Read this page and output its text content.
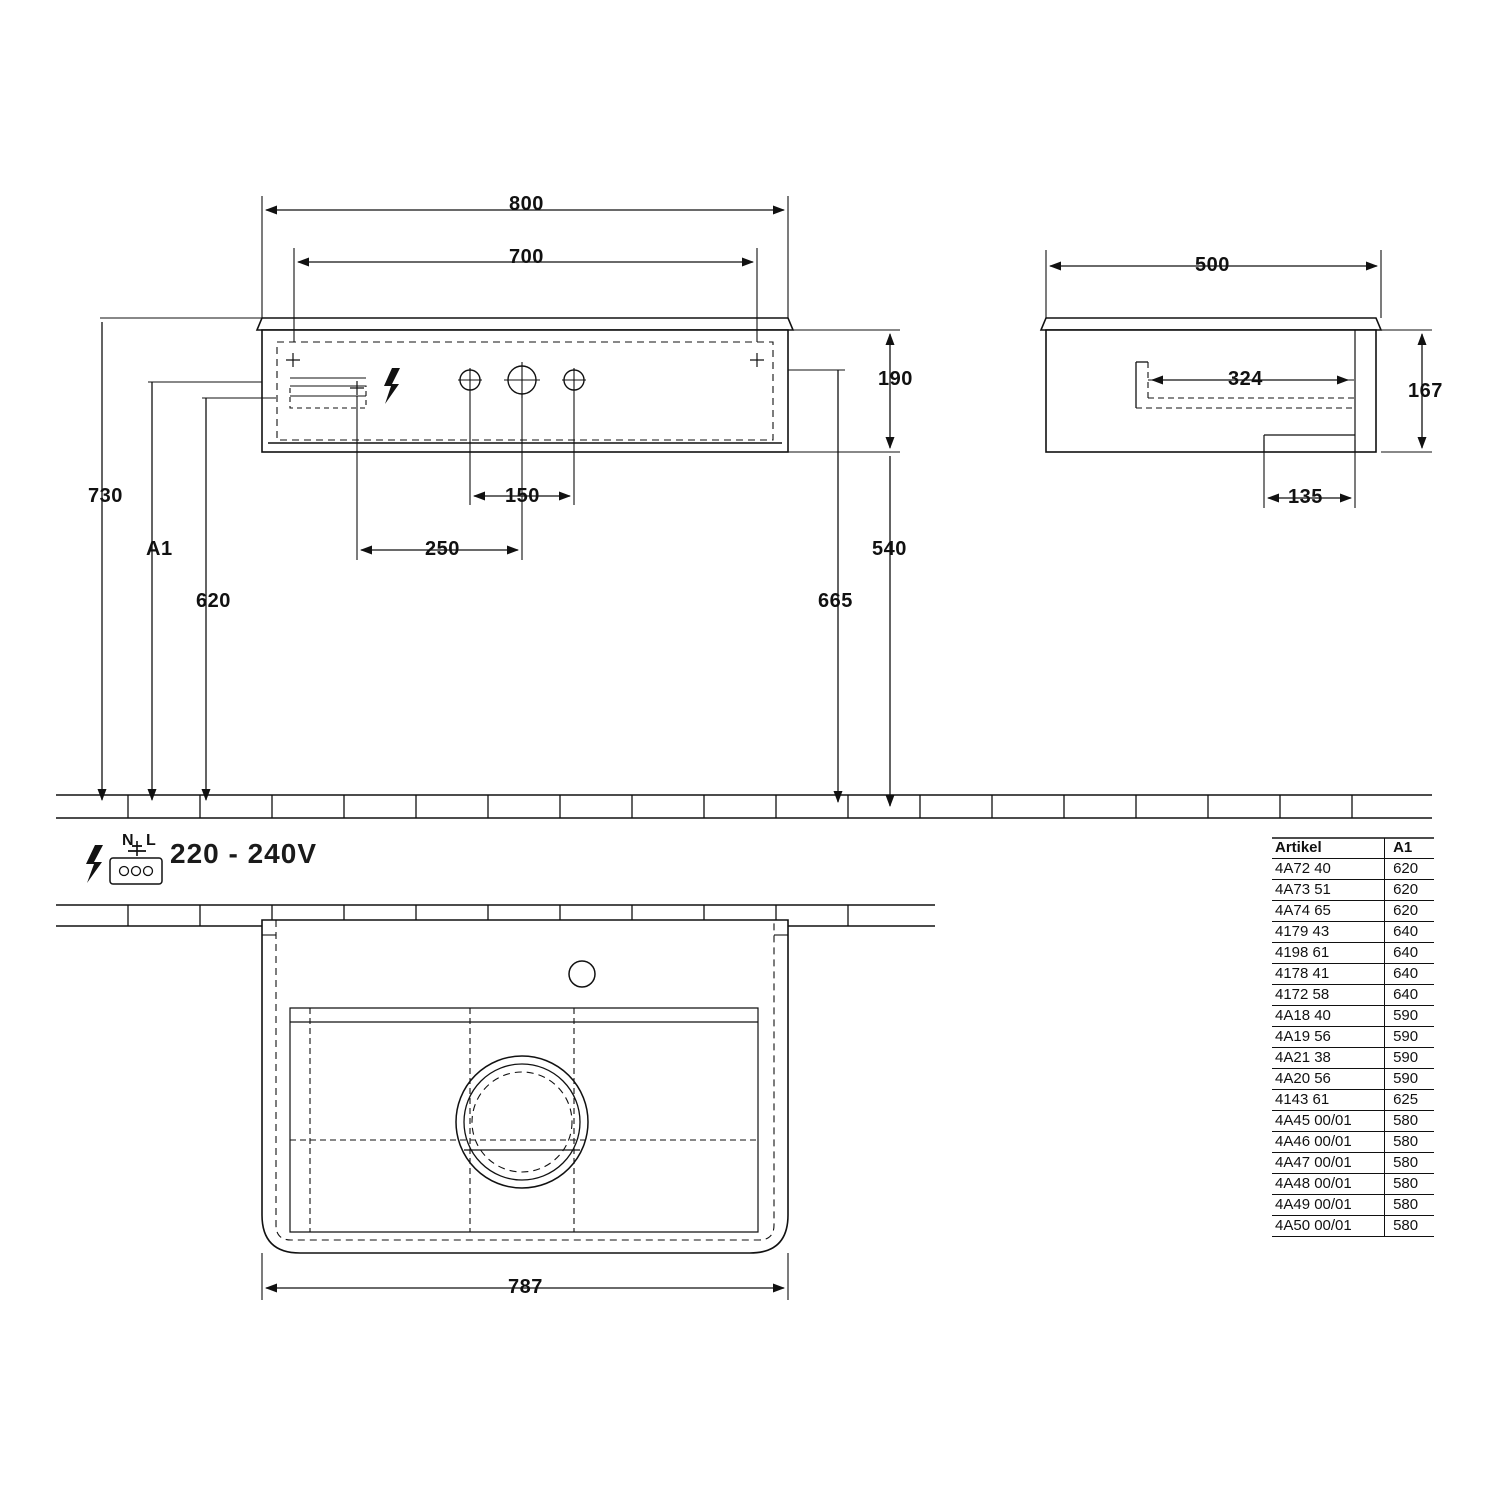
800
700
190
730
A1
620
540
665
150
250
500
324
167
135
787
N L 220 - 240V	Artikel	A1
4A72 40	620
4A73 51	620
4A74 65	620
4179 43	640
4198 61	640
4178 41	640
4172 58	640
4A18 40	590
4A19 56	590
4A21 38	590
4A20 56	590
4143 61	625
4A45 00/01	580
4A46 00/01	580
4A47 00/01	580
4A48 00/01	580
4A49 00/01	580
4A50 00/01	580
